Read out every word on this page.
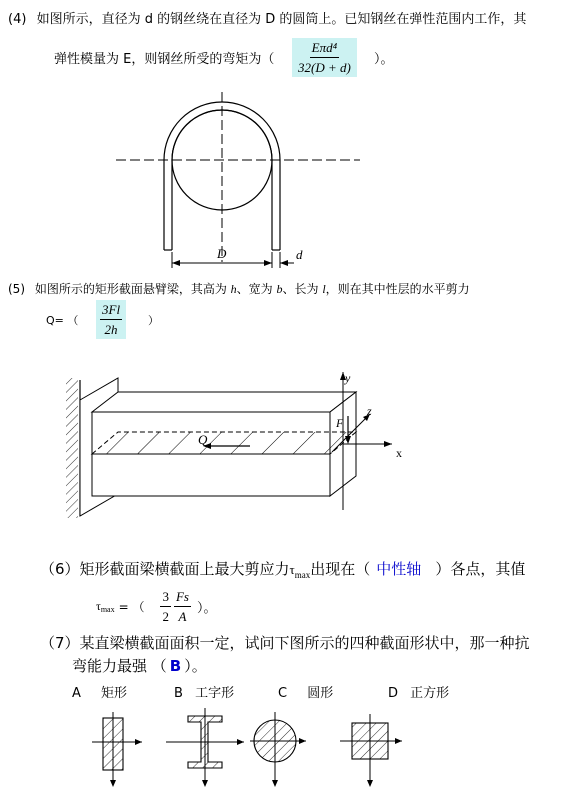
(4) 如图所示，直径为 d 的钢丝绕在直径为 D 的圆筒上。已知钢丝在弹性范围内工作，其
弹性模量为 E，则钢丝所受的弯矩为（ $\frac{\text{Eπd⁴}}{32(D + d)}$ ）。
D	d
(5) 如图所示的矩形截面悬臂梁，其高为 h、宽为 b、长为 l，则在其中性层的水平剪力
Q= （ $\frac{3Fl}{2h}$ ）
y
z
x
F
Q
（6）矩形截面梁横截面上最大剪应力$\tau_{max}$出现在（ 中性轴 ）各点，其值
τ max = （ $\frac{3}{2} \frac{Fs}{A}$ ）。
（7）某直梁横截面面积一定，试问下图所示的四种截面形状中，那一种抗
弯能力最强 （ B ）。
A 矩形	B 工字形	C 圆形	D 正方形
